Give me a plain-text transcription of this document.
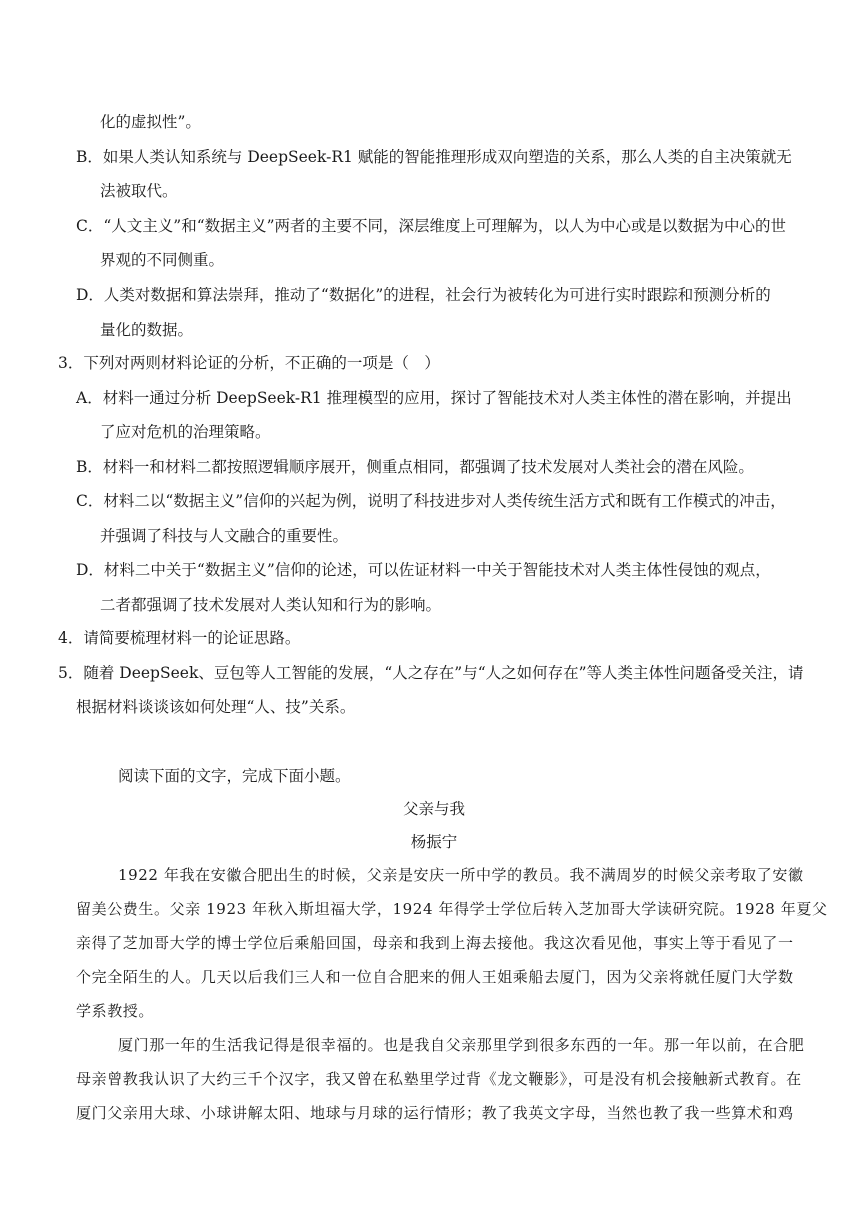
化的虚拟性”。
B．如果人类认知系统与 DeepSeek-R1 赋能的智能推理形成双向塑造的关系，那么人类的自主决策就无
法被取代。
C．“人文主义”和“数据主义”两者的主要不同，深层维度上可理解为，以人为中心或是以数据为中心的世
界观的不同侧重。
D．人类对数据和算法崇拜，推动了“数据化”的进程，社会行为被转化为可进行实时跟踪和预测分析的
量化的数据。
3．下列对两则材料论证的分析，不正确的一项是（　）
A．材料一通过分析 DeepSeek-R1 推理模型的应用，探讨了智能技术对人类主体性的潜在影响，并提出
了应对危机的治理策略。
B．材料一和材料二都按照逻辑顺序展开，侧重点相同，都强调了技术发展对人类社会的潜在风险。
C．材料二以“数据主义”信仰的兴起为例，说明了科技进步对人类传统生活方式和既有工作模式的冲击，
并强调了科技与人文融合的重要性。
D．材料二中关于“数据主义”信仰的论述，可以佐证材料一中关于智能技术对人类主体性侵蚀的观点，
二者都强调了技术发展对人类认知和行为的影响。
4．请简要梳理材料一的论证思路。
5．随着 DeepSeek、豆包等人工智能的发展，“人之存在”与“人之如何存在”等人类主体性问题备受关注，请
根据材料谈谈该如何处理“人、技”关系。
阅读下面的文字，完成下面小题。
父亲与我
杨振宁
1922 年我在安徽合肥出生的时候，父亲是安庆一所中学的教员。我不满周岁的时候父亲考取了安徽
留美公费生。父亲 1923 年秋入斯坦福大学，1924 年得学士学位后转入芝加哥大学读研究院。1928 年夏父
亲得了芝加哥大学的博士学位后乘船回国，母亲和我到上海去接他。我这次看见他，事实上等于看见了一
个完全陌生的人。几天以后我们三人和一位自合肥来的佣人王姐乘船去厦门，因为父亲将就任厦门大学数
学系教授。
厦门那一年的生活我记得是很幸福的。也是我自父亲那里学到很多东西的一年。那一年以前，在合肥
母亲曾教我认识了大约三千个汉字，我又曾在私塾里学过背《龙文鞭影》，可是没有机会接触新式教育。在
厦门父亲用大球、小球讲解太阳、地球与月球的运行情形；教了我英文字母，当然也教了我一些算术和鸡
